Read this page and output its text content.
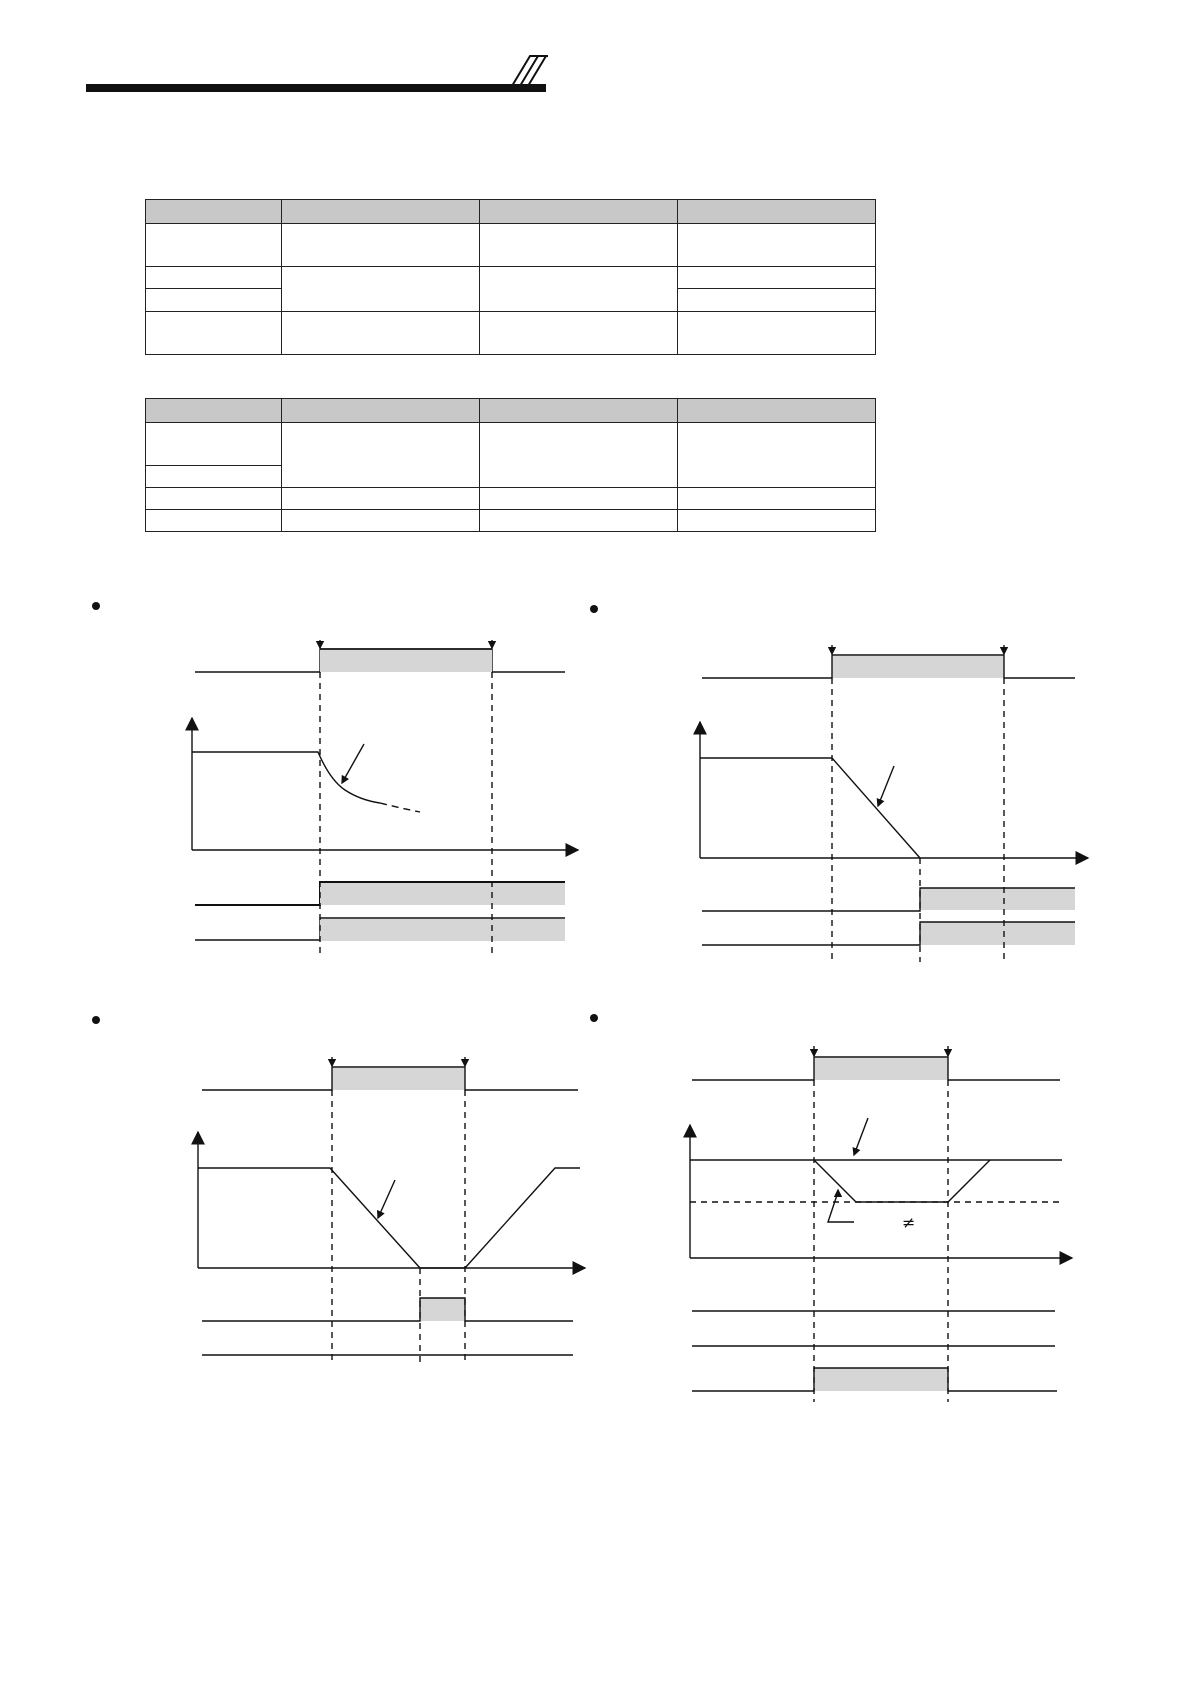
≠
